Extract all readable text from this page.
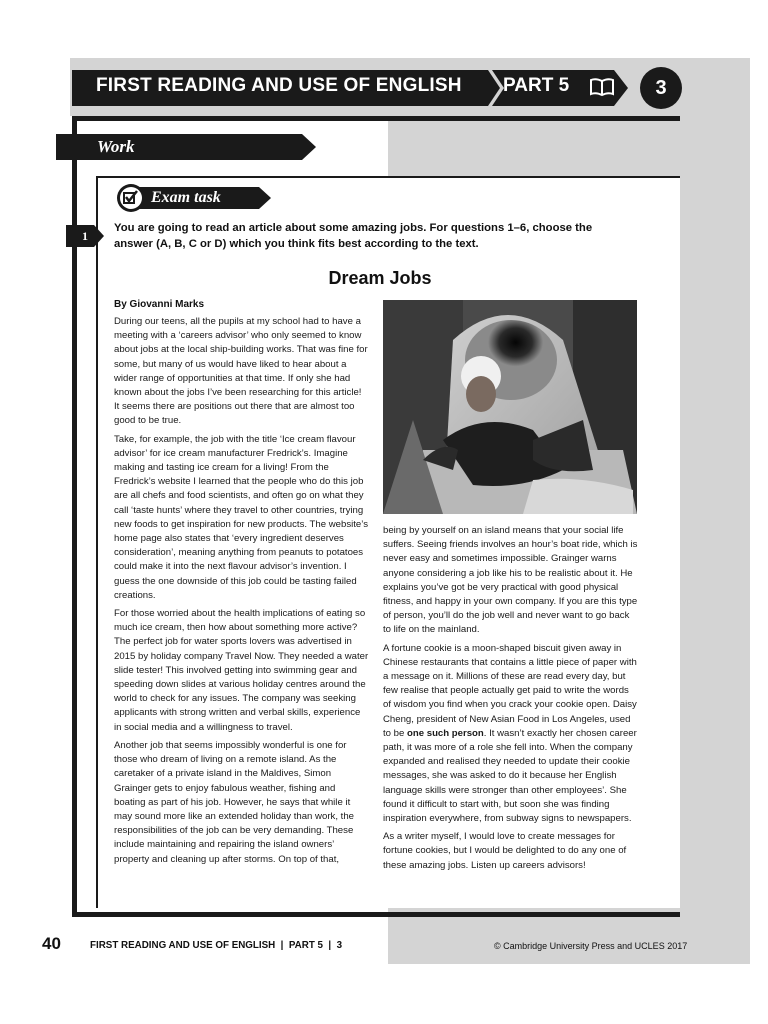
FIRST READING AND USE OF ENGLISH PART 5	3
Work
Exam task
1
You are going to read an article about some amazing jobs. For questions 1–6, choose the answer (A, B, C or D) which you think fits best according to the text.
Dream Jobs
By Giovanni Marks

During our teens, all the pupils at my school had to have a meeting with a ‘careers advisor’ who only seemed to know about jobs at the local ship-building works. That was fine for some, but many of us would have liked to hear about a wider range of opportunities at that time. If only she had known about the jobs I’ve been researching for this article! It seems there are positions out there that are almost too good to be true.

Take, for example, the job with the title ‘Ice cream flavour advisor’ for ice cream manufacturer Fredrick’s. Imagine making and tasting ice cream for a living! From the Fredrick’s website I learned that the people who do this job are all chefs and food scientists, and often go on what they call ‘taste hunts’ where they travel to other countries, trying new foods to get inspiration for new products. The website’s home page also states that ‘every ingredient deserves consideration’, meaning anything from peanuts to potatoes could make it into the next flavour advisor’s invention. I guess the one downside of this job could be tasting failed creations.

For those worried about the health implications of eating so much ice cream, then how about something more active? The perfect job for water sports lovers was advertised in 2015 by holiday company Travel Now. They needed a water slide tester! This involved getting into swimming gear and speeding down slides at various holiday centres around the world to check for any issues. The company was seeking applicants with strong written and verbal skills, experience in social media and a willingness to travel.

Another job that seems impossibly wonderful is one for those who dream of living on a remote island. As the caretaker of a private island in the Maldives, Simon Grainger gets to enjoy fabulous weather, fishing and boating as part of his job. However, he says that while it may sound more like an extended holiday than work, the responsibilities of the job can be very demanding. These include maintaining and repairing the island owners’ property and cleaning up after storms. On top of that,

being by yourself on an island means that your social life suffers. Seeing friends involves an hour’s boat ride, which is never easy and sometimes impossible. Grainger warns anyone considering a job like his to be realistic about it. He explains you’ve got be very practical with good physical fitness, and happy in your own company. If you are this type of person, you’ll do the job well and never want to go back to life on the mainland.

A fortune cookie is a moon-shaped biscuit given away in Chinese restaurants that contains a little piece of paper with a message on it. Millions of these are read every day, but few realise that people actually get paid to write the words of wisdom you find when you crack your cookie open. Daisy Cheng, president of New Asian Food in Los Angeles, used to be one such person. It wasn’t exactly her chosen career path, it was more of a role she fell into. When the company expanded and realised they needed to update their cookie messages, she was asked to do it because her English language skills were stronger than other employees’. She found it difficult to start with, but soon she was finding inspiration everywhere, from subway signs to newspapers.

As a writer myself, I would love to create messages for fortune cookies, but I would be delighted to do any one of these amazing jobs. Listen up careers advisors!

40	FIRST READING AND USE OF ENGLISH  |  PART 5  |  3	© Cambridge University Press and UCLES 2017
